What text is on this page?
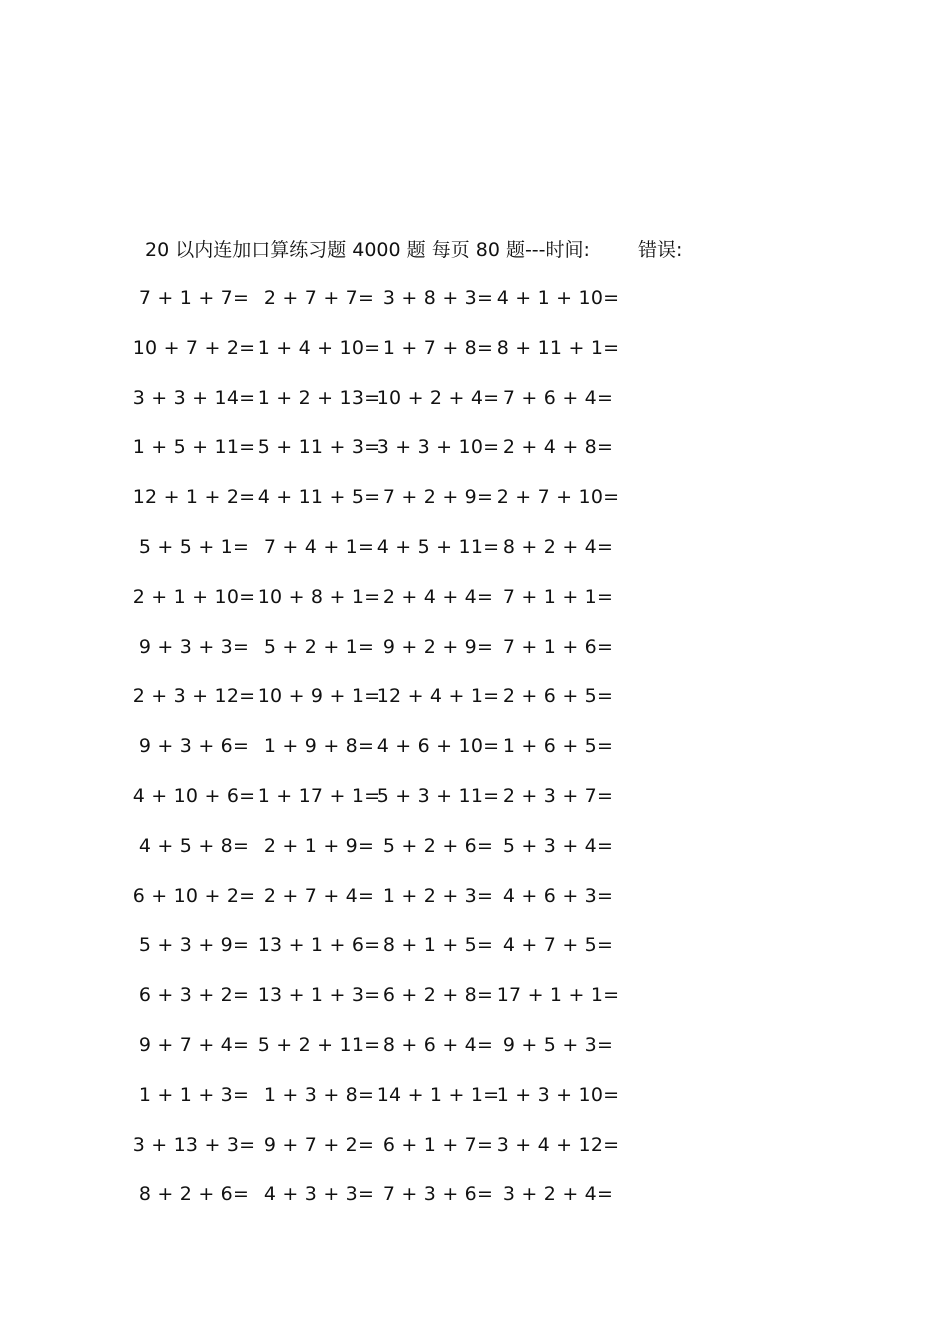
20 以内连加口算练习题 4000 题 每页 80 题---时间:	错误:
7 + 1 + 7= 2 + 7 + 7= 3 + 8 + 3= 4 + 1 + 10=
10 + 7 + 2= 1 + 4 + 10= 1 + 7 + 8= 8 + 11 + 1=
3 + 3 + 14= 1 + 2 + 13=
10 + 2 + 4= 7 + 6 + 4=
1 + 5 + 11= 5 + 11 + 3=
3 + 3 + 10= 2 + 4 + 8=
12 + 1 + 2= 4 + 11 + 5= 7 + 2 + 9= 2 + 7 + 10=
5 + 5 + 1= 7 + 4 + 1= 4 + 5 + 11= 8 + 2 + 4=
2 + 1 + 10= 10 + 8 + 1= 2 + 4 + 4= 7 + 1 + 1=
9 + 3 + 3= 5 + 2 + 1= 9 + 2 + 9= 7 + 1 + 6=
2 + 3 + 12= 10 + 9 + 1=
12 + 4 + 1= 2 + 6 + 5=
9 + 3 + 6= 1 + 9 + 8= 4 + 6 + 10= 1 + 6 + 5=
4 + 10 + 6= 1 + 17 + 1=
5 + 3 + 11= 2 + 3 + 7=
4 + 5 + 8= 2 + 1 + 9= 5 + 2 + 6= 5 + 3 + 4=
6 + 10 + 2= 2 + 7 + 4= 1 + 2 + 3= 4 + 6 + 3=
5 + 3 + 9= 13 + 1 + 6= 8 + 1 + 5= 4 + 7 + 5=
6 + 3 + 2= 13 + 1 + 3= 6 + 2 + 8= 17 + 1 + 1=
9 + 7 + 4= 5 + 2 + 11= 8 + 6 + 4= 9 + 5 + 3=
1 + 1 + 3= 1 + 3 + 8= 14 + 1 + 1=
1 + 3 + 10=
3 + 13 + 3= 9 + 7 + 2= 6 + 1 + 7= 3 + 4 + 12=
8 + 2 + 6= 4 + 3 + 3= 7 + 3 + 6= 3 + 2 + 4=
